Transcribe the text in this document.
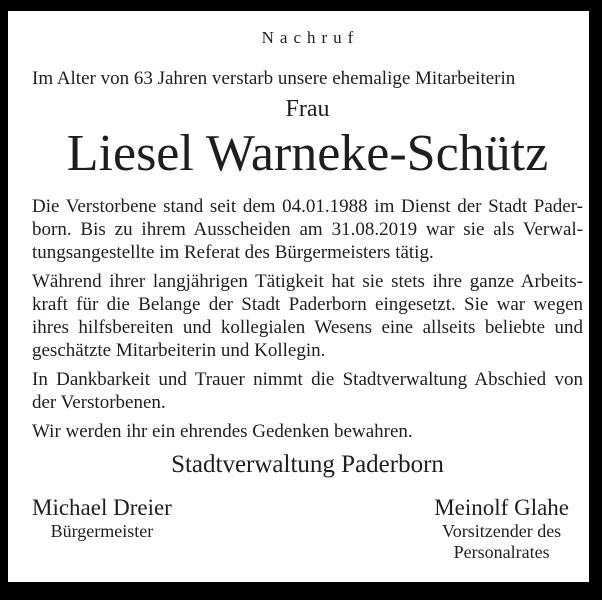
Nachruf
Im Alter von 63 Jahren verstarb unsere ehemalige Mitarbeiterin
Frau
Liesel Warneke-Schütz
Die Verstorbene stand seit dem 04.01.1988 im Dienst der Stadt Pader-
born. Bis zu ihrem Ausscheiden am 31.08.2019 war sie als Verwal-
tungsangestellte im Referat des Bürgermeisters tätig.
Während ihrer langjährigen Tätigkeit hat sie stets ihre ganze Arbeits-
kraft für die Belange der Stadt Paderborn eingesetzt. Sie war wegen
ihres hilfsbereiten und kollegialen Wesens eine allseits beliebte und
geschätzte Mitarbeiterin und Kollegin.
In Dankbarkeit und Trauer nimmt die Stadtverwaltung Abschied von
der Verstorbenen.
Wir werden ihr ein ehrendes Gedenken bewahren.
Stadtverwaltung Paderborn
Michael Dreier
Bürgermeister
Meinolf Glahe
Vorsitzender des
Personalrates
